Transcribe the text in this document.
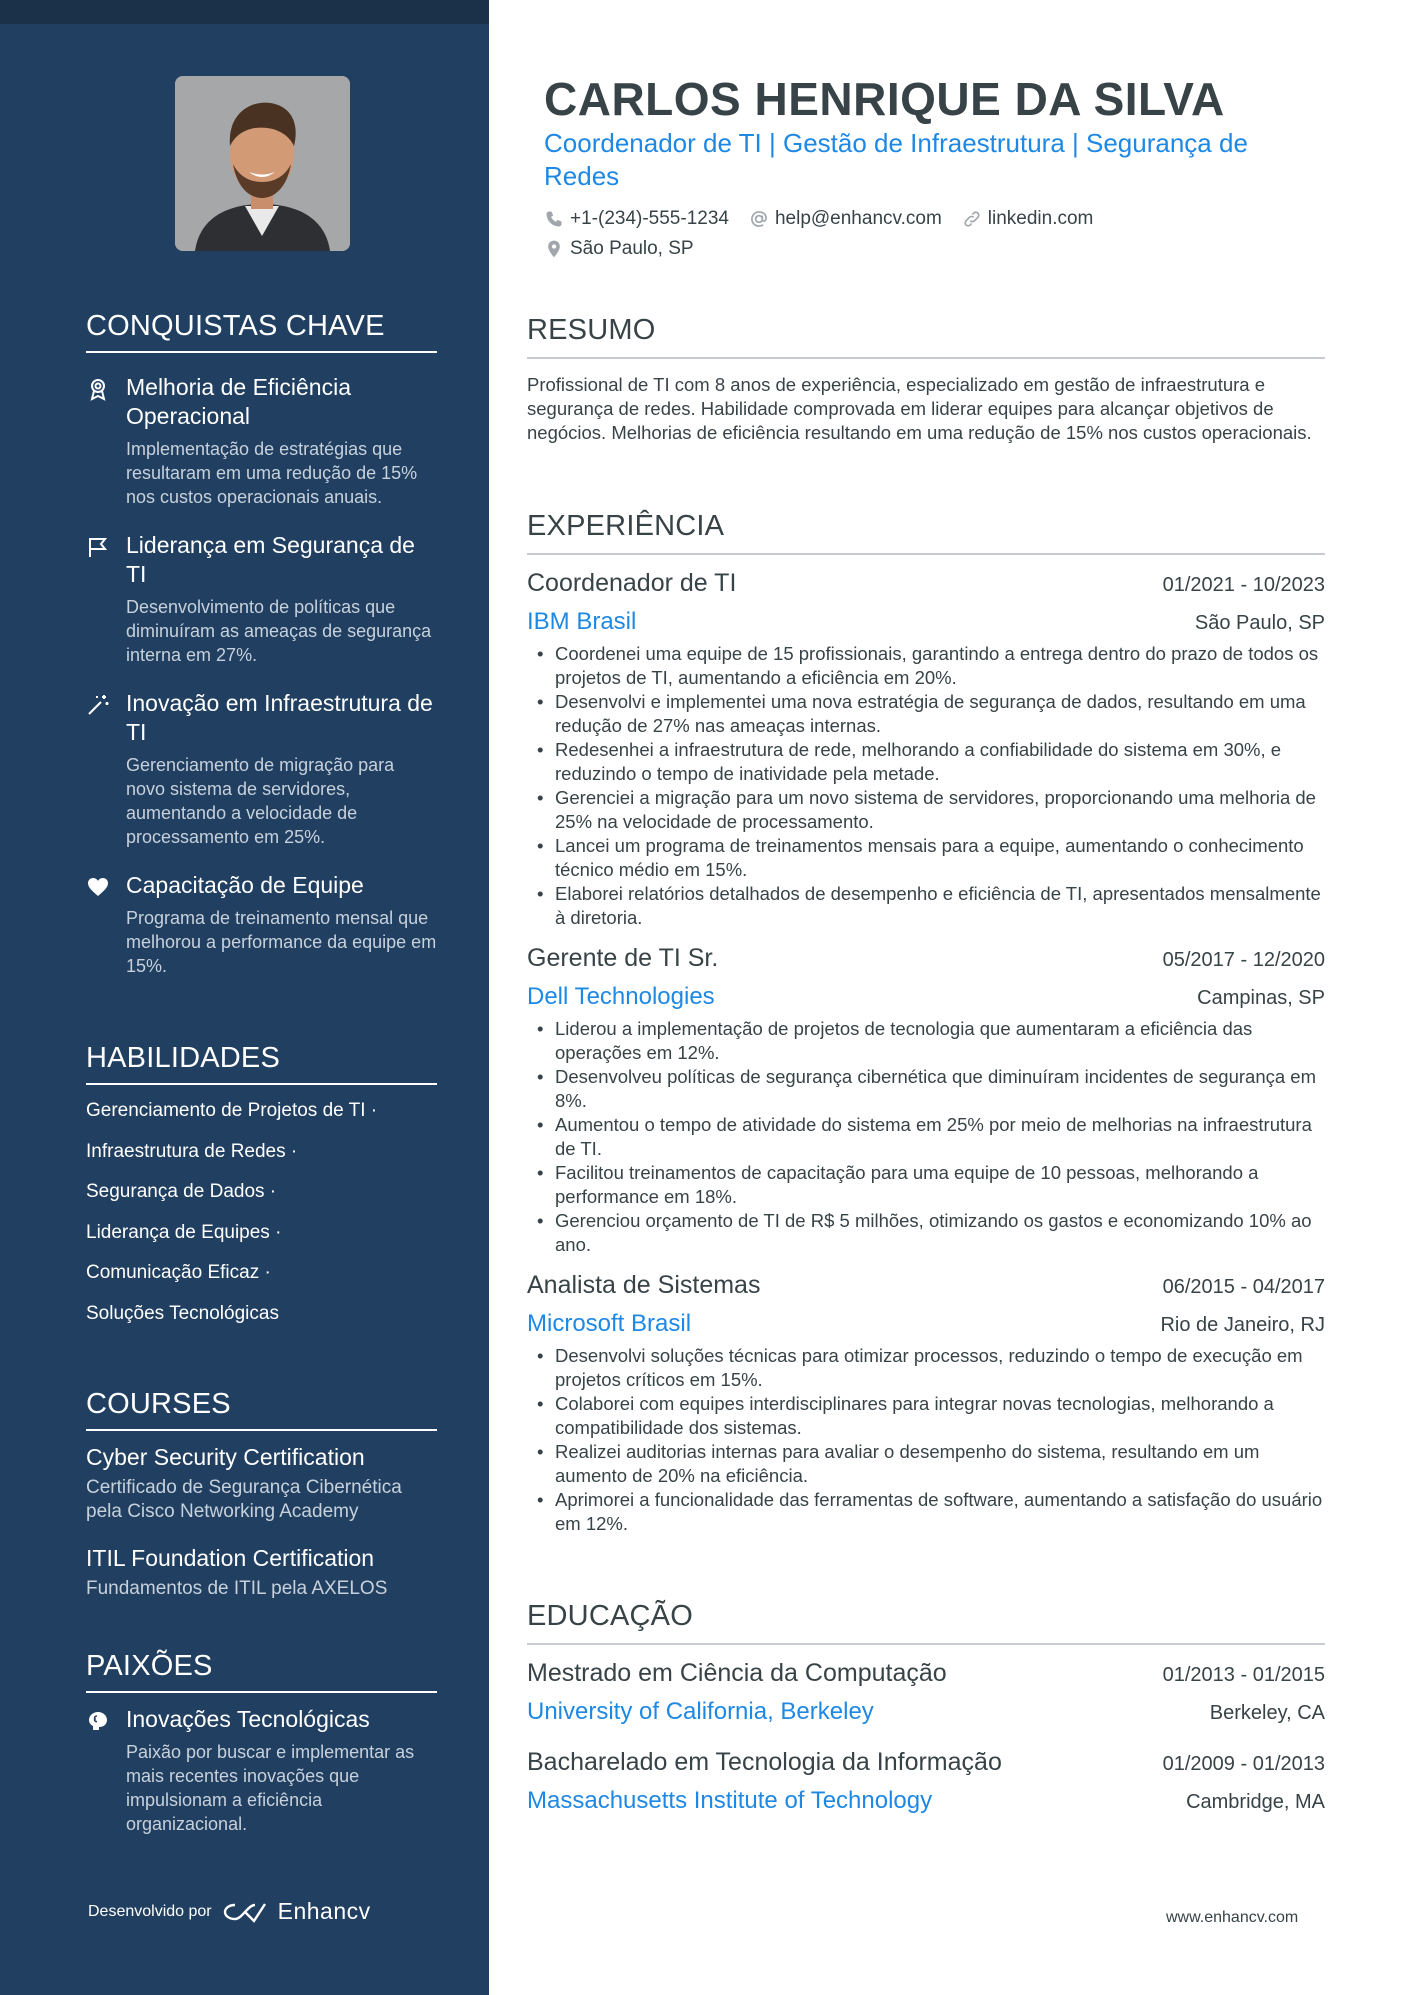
CONQUISTAS CHAVE
Melhoria de Eficiência Operacional
Implementação de estratégias que resultaram em uma redução de 15% nos custos operacionais anuais.
Liderança em Segurança de TI
Desenvolvimento de políticas que diminuíram as ameaças de segurança interna em 27%.
Inovação em Infraestrutura de TI
Gerenciamento de migração para novo sistema de servidores, aumentando a velocidade de processamento em 25%.
Capacitação de Equipe
Programa de treinamento mensal que melhorou a performance da equipe em 15%.
HABILIDADES
Gerenciamento de Projetos de TI ·
Infraestrutura de Redes ·
Segurança de Dados ·
Liderança de Equipes ·
Comunicação Eficaz ·
Soluções Tecnológicas
COURSES
Cyber Security Certification
Certificado de Segurança Cibernética pela Cisco Networking Academy
ITIL Foundation Certification
Fundamentos de ITIL pela AXELOS
PAIXÕES
Inovações Tecnológicas
Paixão por buscar e implementar as mais recentes inovações que impulsionam a eficiência organizacional.
Desenvolvido por	Enhancv
CARLOS HENRIQUE DA SILVA
Coordenador de TI | Gestão de Infraestrutura | Segurança de Redes
+1-(234)-555-1234 help@enhancv.com linkedin.com
São Paulo, SP
RESUMO
Profissional de TI com 8 anos de experiência, especializado em gestão de infraestrutura e segurança de redes. Habilidade comprovada em liderar equipes para alcançar objetivos de negócios. Melhorias de eficiência resultando em uma redução de 15% nos custos operacionais.
EXPERIÊNCIA
Coordenador de TI	01/2021 - 10/2023
IBM Brasil	São Paulo, SP
• Coordenei uma equipe de 15 profissionais, garantindo a entrega dentro do prazo de todos os projetos de TI, aumentando a eficiência em 20%.
• Desenvolvi e implementei uma nova estratégia de segurança de dados, resultando em uma redução de 27% nas ameaças internas.
• Redesenhei a infraestrutura de rede, melhorando a confiabilidade do sistema em 30%, e reduzindo o tempo de inatividade pela metade.
• Gerenciei a migração para um novo sistema de servidores, proporcionando uma melhoria de 25% na velocidade de processamento.
• Lancei um programa de treinamentos mensais para a equipe, aumentando o conhecimento técnico médio em 15%.
• Elaborei relatórios detalhados de desempenho e eficiência de TI, apresentados mensalmente à diretoria.
Gerente de TI Sr.	05/2017 - 12/2020
Dell Technologies	Campinas, SP
• Liderou a implementação de projetos de tecnologia que aumentaram a eficiência das operações em 12%.
• Desenvolveu políticas de segurança cibernética que diminuíram incidentes de segurança em 8%.
• Aumentou o tempo de atividade do sistema em 25% por meio de melhorias na infraestrutura de TI.
• Facilitou treinamentos de capacitação para uma equipe de 10 pessoas, melhorando a performance em 18%.
• Gerenciou orçamento de TI de R$ 5 milhões, otimizando os gastos e economizando 10% ao ano.
Analista de Sistemas	06/2015 - 04/2017
Microsoft Brasil	Rio de Janeiro, RJ
• Desenvolvi soluções técnicas para otimizar processos, reduzindo o tempo de execução em projetos críticos em 15%.
• Colaborei com equipes interdisciplinares para integrar novas tecnologias, melhorando a compatibilidade dos sistemas.
• Realizei auditorias internas para avaliar o desempenho do sistema, resultando em um aumento de 20% na eficiência.
• Aprimorei a funcionalidade das ferramentas de software, aumentando a satisfação do usuário em 12%.
EDUCAÇÃO
Mestrado em Ciência da Computação	01/2013 - 01/2015
University of California, Berkeley	Berkeley, CA
Bacharelado em Tecnologia da Informação	01/2009 - 01/2013
Massachusetts Institute of Technology	Cambridge, MA
www.enhancv.com
